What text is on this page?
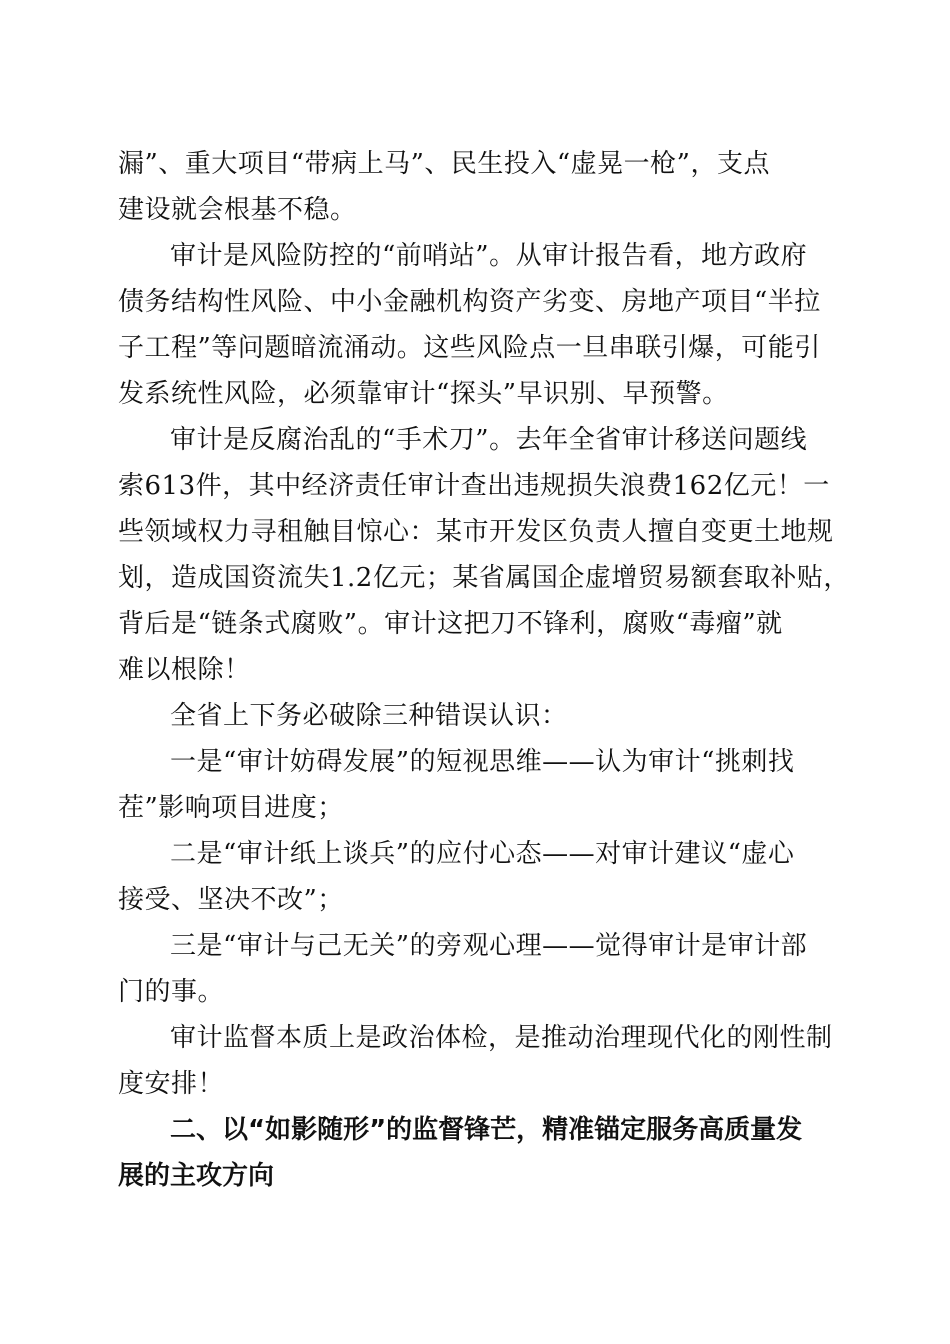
漏”、重大项目“带病上马”、民生投入“虚晃一枪”，支点

建设就会根基不稳。

审计是风险防控的“前哨站”。从审计报告看，地方政府

债务结构性风险、中小金融机构资产劣变、房地产项目“半拉

子工程”等问题暗流涌动。这些风险点一旦串联引爆，可能引

发系统性风险，必须靠审计“探头”早识别、早预警。

审计是反腐治乱的“手术刀”。去年全省审计移送问题线

索613件，其中经济责任审计查出违规损失浪费162亿元！一

些领域权力寻租触目惊心：某市开发区负责人擅自变更土地规

划，造成国资流失1.2亿元；某省属国企虚增贸易额套取补贴，

背后是“链条式腐败”。审计这把刀不锋利，腐败“毒瘤”就

难以根除！

全省上下务必破除三种错误认识：

一是“审计妨碍发展”的短视思维——认为审计“挑刺找

茬”影响项目进度；

二是“审计纸上谈兵”的应付心态——对审计建议“虚心

接受、坚决不改”；

三是“审计与己无关”的旁观心理——觉得审计是审计部

门的事。

审计监督本质上是政治体检，是推动治理现代化的刚性制

度安排！

二、以“如影随形”的监督锋芒，精准锚定服务高质量发

展的主攻方向
